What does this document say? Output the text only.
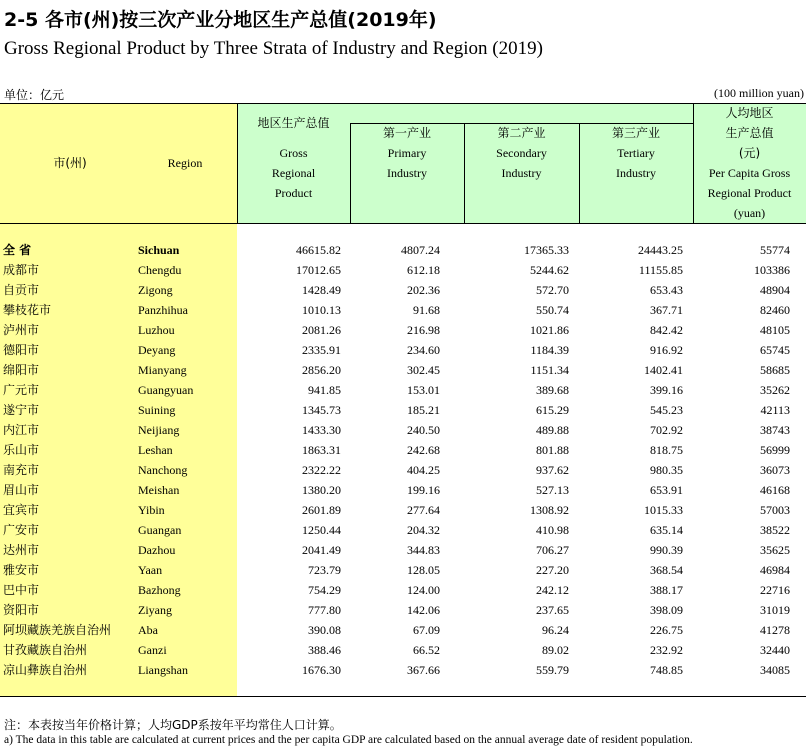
2-5 各市(州)按三次产业分地区生产总值(2019年)
Gross Regional Product by Three Strata of Industry and Region (2019)
单位：亿元	(100 million yuan)
市(州)	Region
地区生产总值
Gross
Regional
Product
第一产业
Primary
Industry
第二产业
Secondary
Industry
第三产业
Tertiary
Industry
人均地区
生产总值
(元)
Per Capita Gross
Regional Product
(yuan)
全 省	Sichuan	46615.82	4807.24	17365.33	24443.25	55774
成都市	Chengdu	17012.65	612.18	5244.62	11155.85	103386
自贡市	Zigong	1428.49	202.36	572.70	653.43	48904
攀枝花市	Panzhihua	1010.13	91.68	550.74	367.71	82460
泸州市	Luzhou	2081.26	216.98	1021.86	842.42	48105
德阳市	Deyang	2335.91	234.60	1184.39	916.92	65745
绵阳市	Mianyang	2856.20	302.45	1151.34	1402.41	58685
广元市	Guangyuan	941.85	153.01	389.68	399.16	35262
遂宁市	Suining	1345.73	185.21	615.29	545.23	42113
内江市	Neijiang	1433.30	240.50	489.88	702.92	38743
乐山市	Leshan	1863.31	242.68	801.88	818.75	56999
南充市	Nanchong	2322.22	404.25	937.62	980.35	36073
眉山市	Meishan	1380.20	199.16	527.13	653.91	46168
宜宾市	Yibin	2601.89	277.64	1308.92	1015.33	57003
广安市	Guangan	1250.44	204.32	410.98	635.14	38522
达州市	Dazhou	2041.49	344.83	706.27	990.39	35625
雅安市	Yaan	723.79	128.05	227.20	368.54	46984
巴中市	Bazhong	754.29	124.00	242.12	388.17	22716
资阳市	Ziyang	777.80	142.06	237.65	398.09	31019
阿坝藏族羌族自治州 Aba	390.08	67.09	96.24	226.75	41278
甘孜藏族自治州	Ganzi	388.46	66.52	89.02	232.92	32440
凉山彝族自治州	Liangshan	1676.30	367.66	559.79	748.85	34085
注：本表按当年价格计算；人均GDP系按年平均常住人口计算。
a) The data in this table are calculated at current prices and the per capita GDP are calculated based on the annual average date of resident population.
